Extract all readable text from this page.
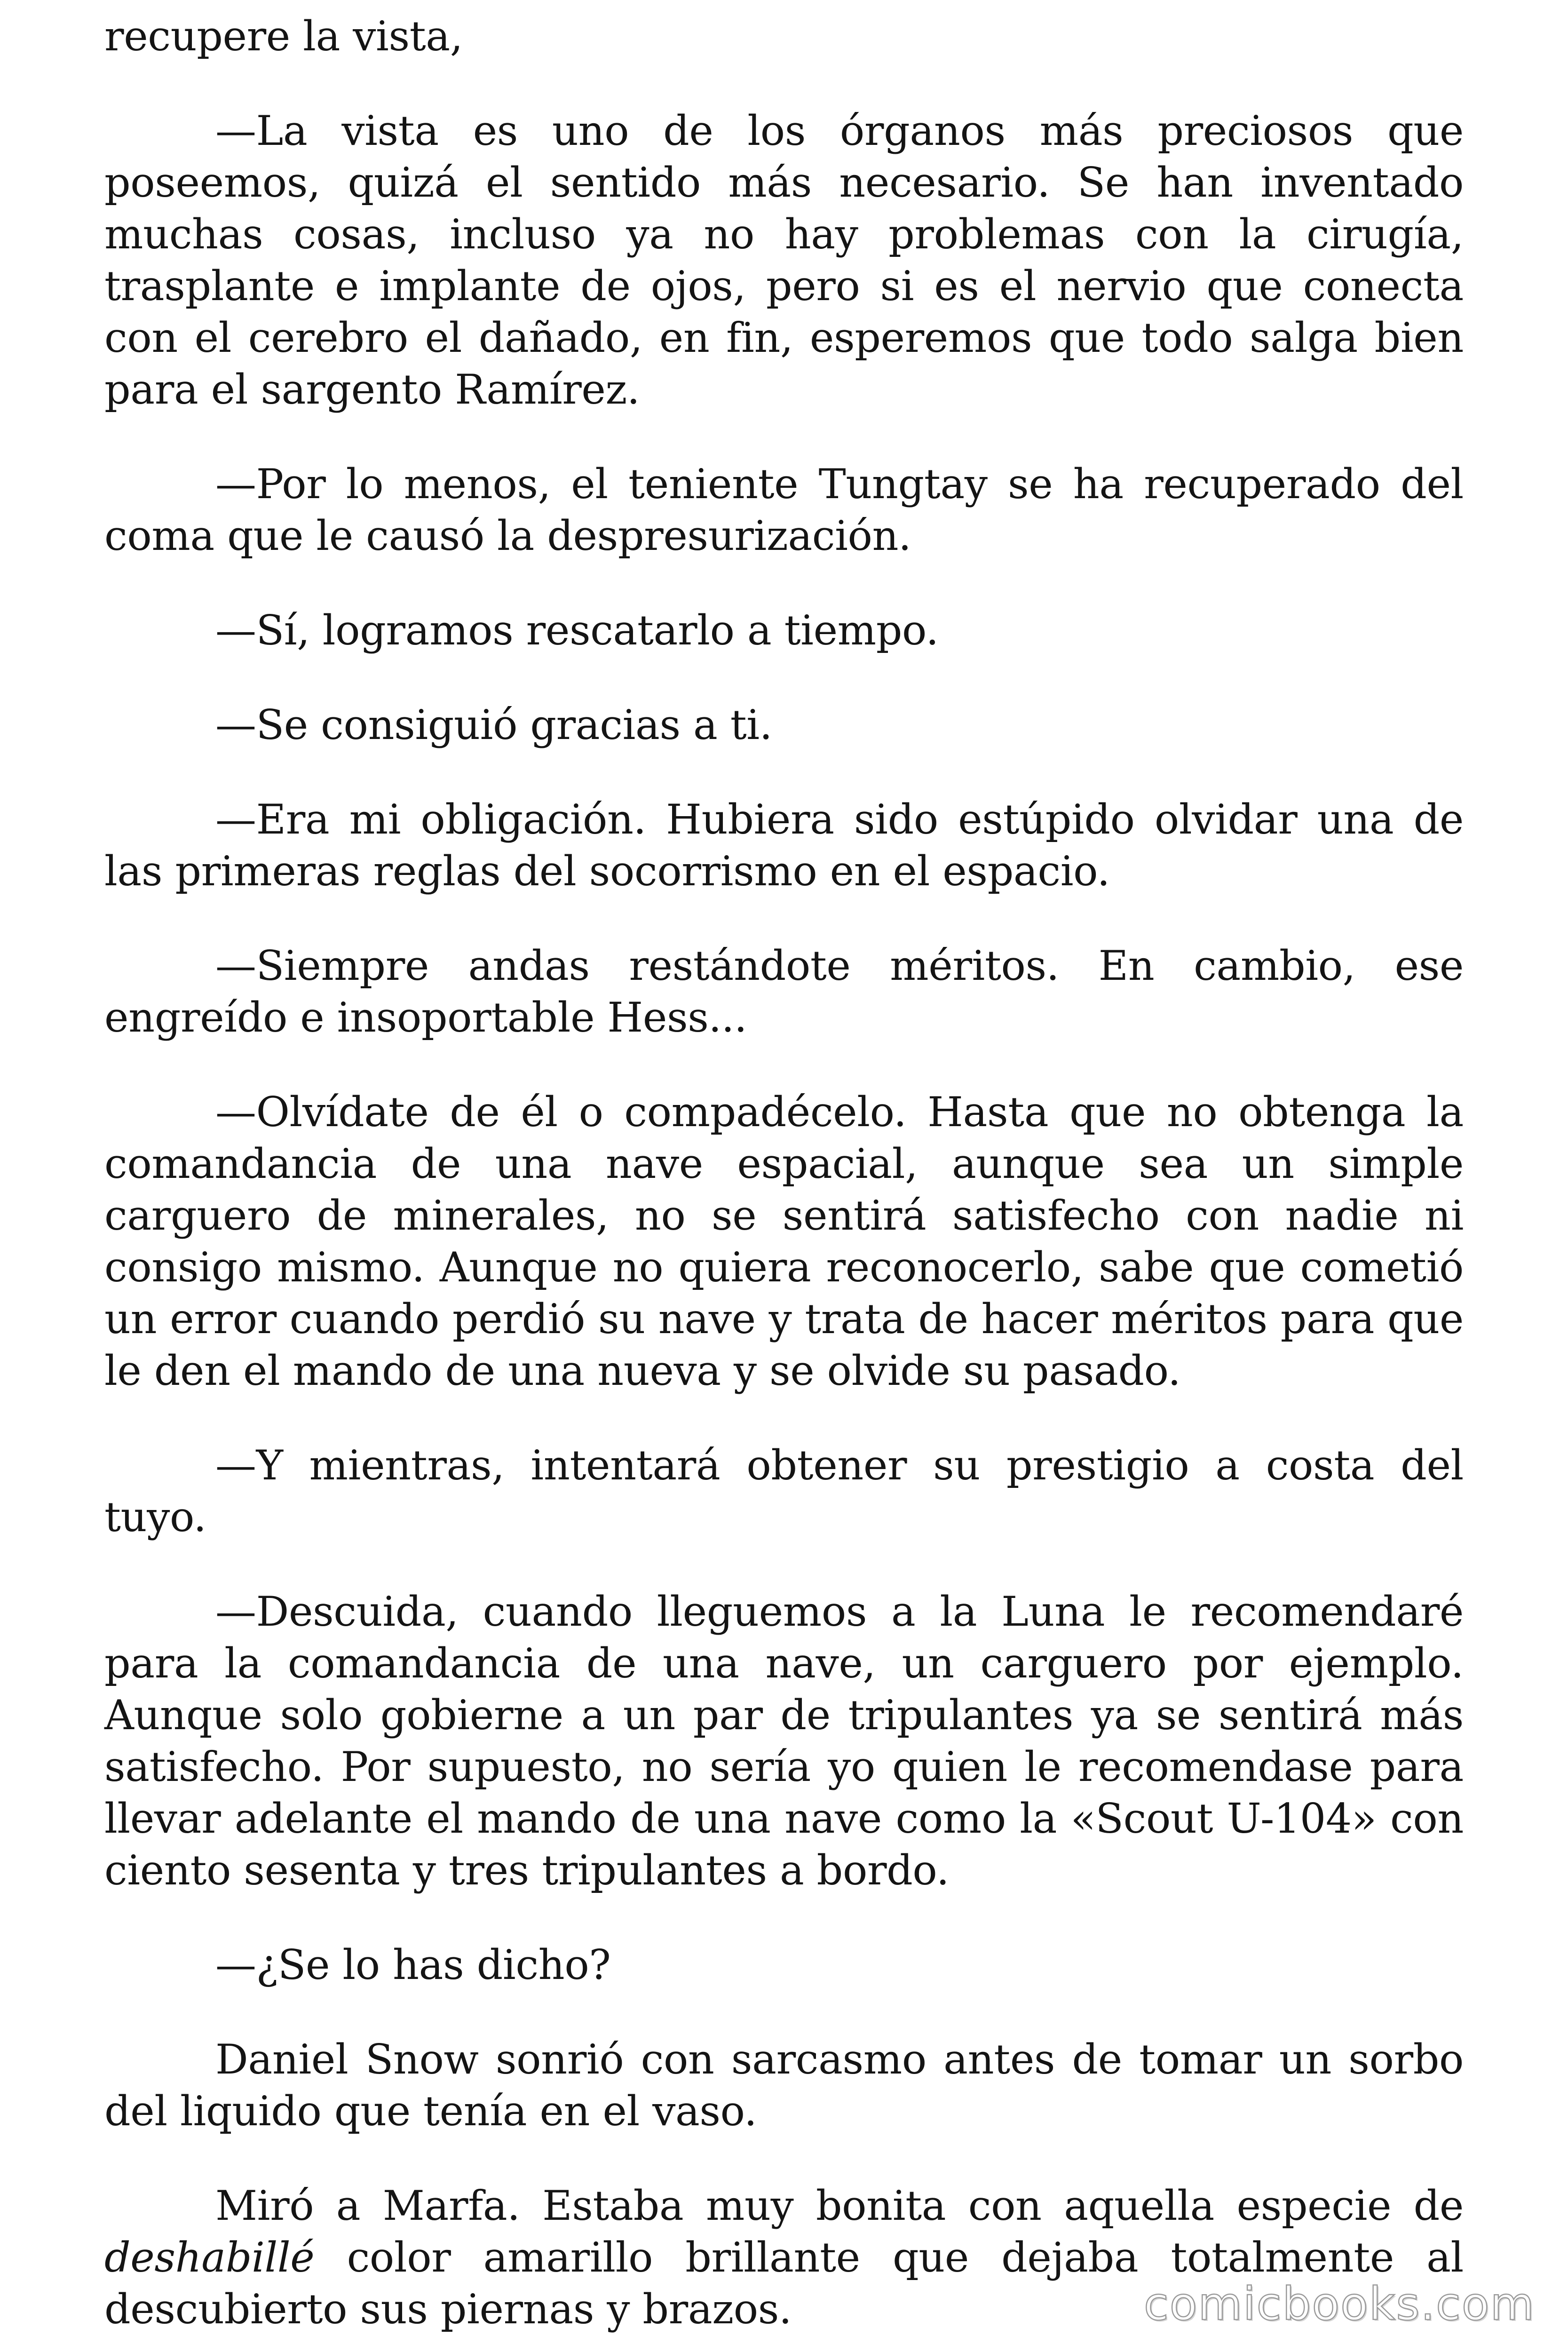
recupere la vista,

—La vista es uno de los órganos más preciosos que poseemos, quizá el sentido más necesario. Se han inventado muchas cosas, incluso ya no hay problemas con la cirugía, trasplante e implante de ojos, pero si es el nervio que conecta con el cerebro el dañado, en fin, esperemos que todo salga bien para el sargento Ramírez.

—Por lo menos, el teniente Tungtay se ha recuperado del coma que le causó la despresurización.

—Sí, logramos rescatarlo a tiempo.

—Se consiguió gracias a ti.

—Era mi obligación. Hubiera sido estúpido olvidar una de las primeras reglas del socorrismo en el espacio.

—Siempre andas restándote méritos. En cambio, ese engreído e insoportable Hess...

—Olvídate de él o compadécelo. Hasta que no obtenga la comandancia de una nave espacial, aunque sea un simple carguero de minerales, no se sentirá satisfecho con nadie ni consigo mismo. Aunque no quiera reconocerlo, sabe que cometió un error cuando perdió su nave y trata de hacer méritos para que le den el mando de una nueva y se olvide su pasado.

—Y mientras, intentará obtener su prestigio a costa del tuyo.

—Descuida, cuando lleguemos a la Luna le recomendaré para la comandancia de una nave, un carguero por ejemplo. Aunque solo gobierne a un par de tripulantes ya se sentirá más satisfecho. Por supuesto, no sería yo quien le recomendase para llevar adelante el mando de una nave como la «Scout U-104» con ciento sesenta y tres tripulantes a bordo.

—¿Se lo has dicho?

Daniel Snow sonrió con sarcasmo antes de tomar un sorbo del liquido que tenía en el vaso.

Miró a Marfa. Estaba muy bonita con aquella especie de deshabillé color amarillo brillante que dejaba totalmente al descubierto sus piernas y brazos.	comicbooks.com
